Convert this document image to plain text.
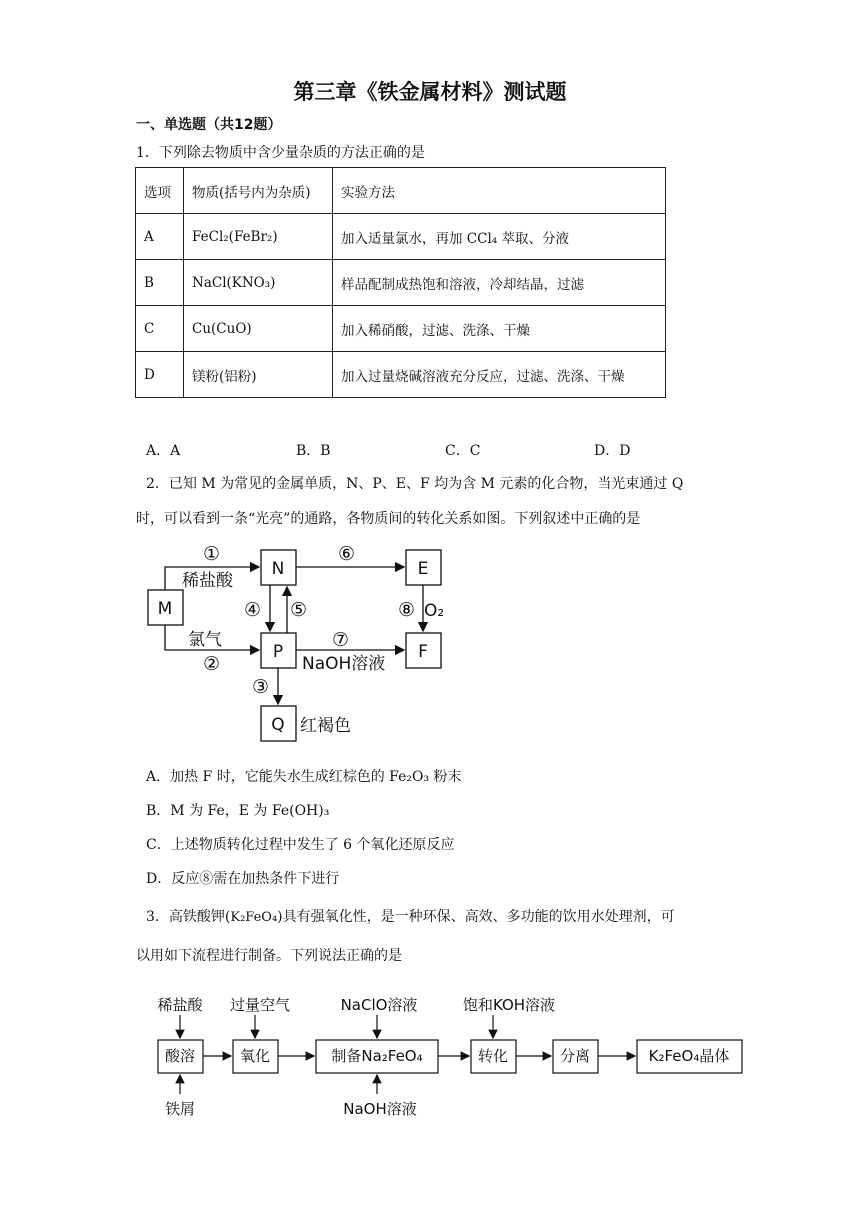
第三章《铁金属材料》测试题
一、单选题（共12题）
1．下列除去物质中含少量杂质的方法正确的是
选项	物质(括号内为杂质)	实验方法
A	FeCl₂(FeBr₂)	加入适量氯水，再加 CCl₄ 萃取、分液
B	NaCl(KNO₃)	样品配制成热饱和溶液，冷却结晶，过滤
C	Cu(CuO)	加入稀硝酸，过滤、洗涤、干燥
D	镁粉(铝粉)	加入过量烧碱溶液充分反应，过滤、洗涤、干燥
A．A	B．B	C．C	D．D
2．已知 M 为常见的金属单质，N、P、E、F 均为含 M 元素的化合物，当光束通过 Q
时，可以看到一条“光亮”的通路，各物质间的转化关系如图。下列叙述中正确的是
M
N
P
E
F
Q
①
②
③
④ ⑤
⑥
⑦
⑧
稀盐酸
氯气
NaOH溶液
O₂
红褐色
A．加热 F 时，它能失水生成红棕色的 Fe₂O₃ 粉末
B．M 为 Fe，E 为 Fe(OH)₃
C．上述物质转化过程中发生了 6 个氧化还原反应
D．反应⑧需在加热条件下进行
3．高铁酸钾(K₂FeO₄)具有强氧化性，是一种环保、高效、多功能的饮用水处理剂，可
以用如下流程进行制备。下列说法正确的是
稀盐酸 过量空气	NaClO溶液	饱和KOH溶液
酸溶	氧化	制备Na₂FeO₄	转化	分离	K₂FeO₄晶体
铁屑	NaOH溶液
